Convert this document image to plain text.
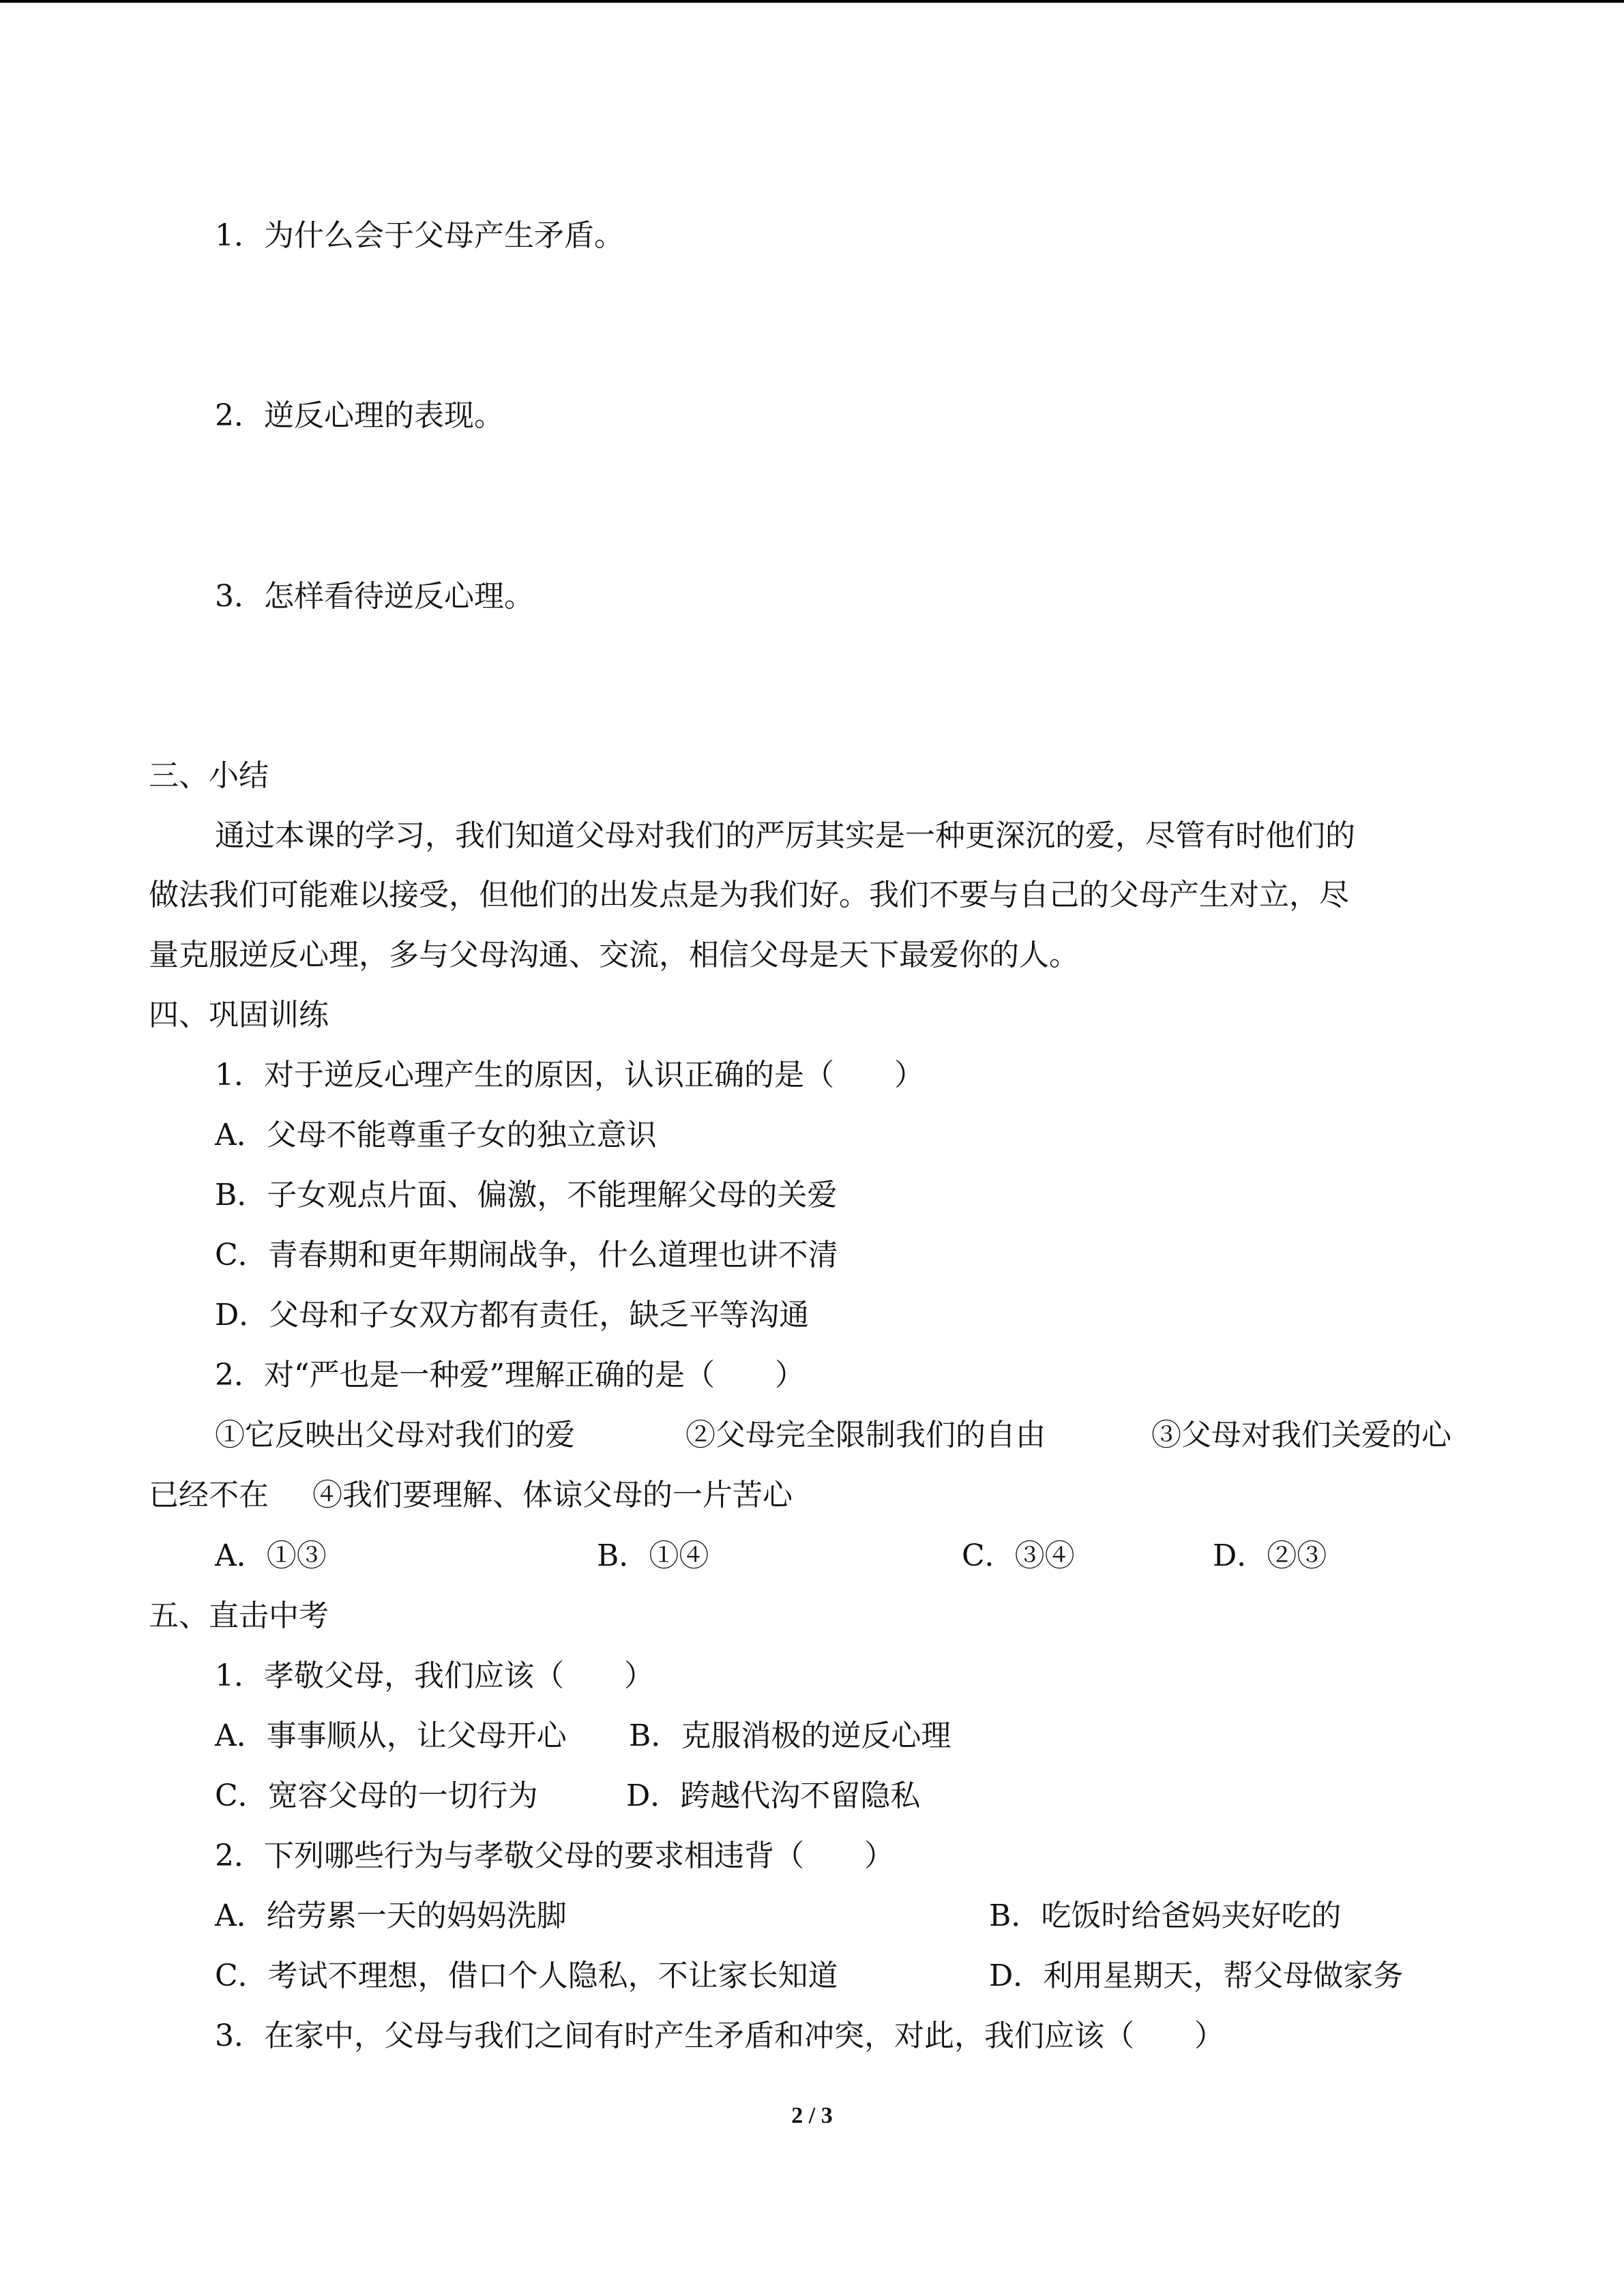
1．为什么会于父母产生矛盾。
2．逆反心理的表现。
3．怎样看待逆反心理。
三、小结
通过本课的学习，我们知道父母对我们的严厉其实是一种更深沉的爱，尽管有时他们的
做法我们可能难以接受，但他们的出发点是为我们好。我们不要与自己的父母产生对立，尽
量克服逆反心理，多与父母沟通、交流，相信父母是天下最爱你的人。
四、巩固训练
1．对于逆反心理产生的原因，认识正确的是（　　）
A．父母不能尊重子女的独立意识
B．子女观点片面、偏激，不能理解父母的关爱
C．青春期和更年期闹战争，什么道理也讲不清
D．父母和子女双方都有责任，缺乏平等沟通
2．对“严也是一种爱”理解正确的是（　　）
①它反映出父母对我们的爱	②父母完全限制我们的自由	③父母对我们关爱的心
已经不在 ④我们要理解、体谅父母的一片苦心
A．①③	B．①④	C．③④	D．②③
五、直击中考
1．孝敬父母，我们应该（　　）
A．事事顺从，让父母开心 B．克服消极的逆反心理
C．宽容父母的一切行为	D．跨越代沟不留隐私
2．下列哪些行为与孝敬父母的要求相违背（　　）
A．给劳累一天的妈妈洗脚	B．吃饭时给爸妈夹好吃的
C．考试不理想，借口个人隐私，不让家长知道	D．利用星期天，帮父母做家务
3．在家中，父母与我们之间有时产生矛盾和冲突，对此，我们应该（　　）
2 / 3
